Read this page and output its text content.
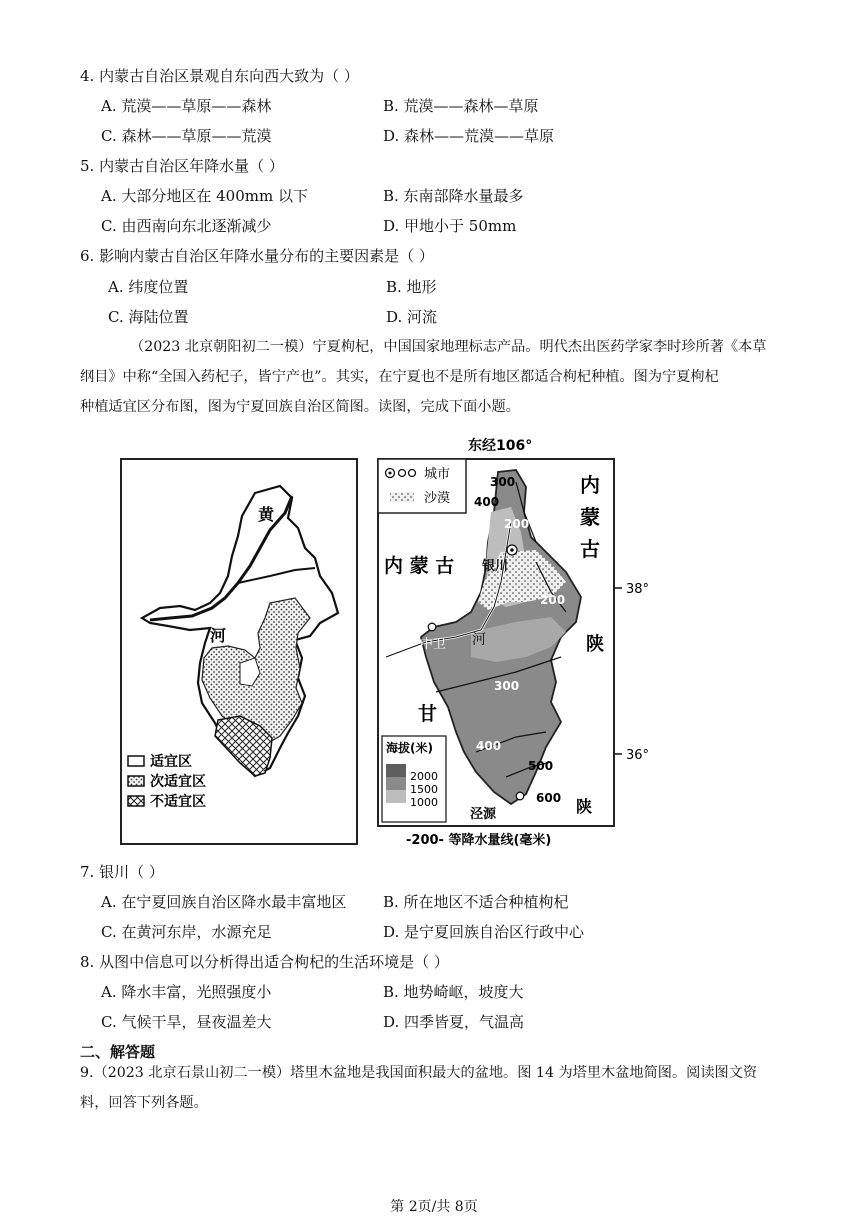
4. 内蒙古自治区景观自东向西大致为（ ）
A. 荒漠——草原——森林	B. 荒漠——森林—草原
C. 森林——草原——荒漠	D. 森林——荒漠——草原
5. 内蒙古自治区年降水量（ ）
A. 大部分地区在 400mm 以下	B. 东南部降水量最多
C. 由西南向东北逐渐减少	D. 甲地小于 50mm
6. 影响内蒙古自治区年降水量分布的主要因素是（ ）
A. 纬度位置	B. 地形
C. 海陆位置	D. 河流
（2023 北京朝阳初二一模）宁夏枸杞，中国国家地理标志产品。明代杰出医药学家李时珍所著《本草
纲目》中称“全国入药杞子，皆宁产也”。其实，在宁夏也不是所有地区都适合枸杞种植。图为宁夏枸杞
种植适宜区分布图，图为宁夏回族自治区简图。读图，完成下面小题。
黄
河
适宜区
次适宜区
不适宜区
东经106°
城市
沙漠
内
蒙
古
内 蒙 古
陕
甘
陕
银川
中卫 河
泾源
38°
36°
300
400
200
200
300
400
500
600
海拔(米)
2000
1500
1000
-200- 等降水量线(毫米)
7. 银川（ ）
A. 在宁夏回族自治区降水最丰富地区 B. 所在地区不适合种植枸杞
C. 在黄河东岸，水源充足	D. 是宁夏回族自治区行政中心
8. 从图中信息可以分析得出适合枸杞的生活环境是（ ）
A. 降水丰富，光照强度小	B. 地势崎岖，坡度大
C. 气候干旱，昼夜温差大	D. 四季皆夏，气温高
二、解答题
9.（2023 北京石景山初二一模）塔里木盆地是我国面积最大的盆地。图 14 为塔里木盆地简图。阅读图文资
料，回答下列各题。
第 2页/共 8页
